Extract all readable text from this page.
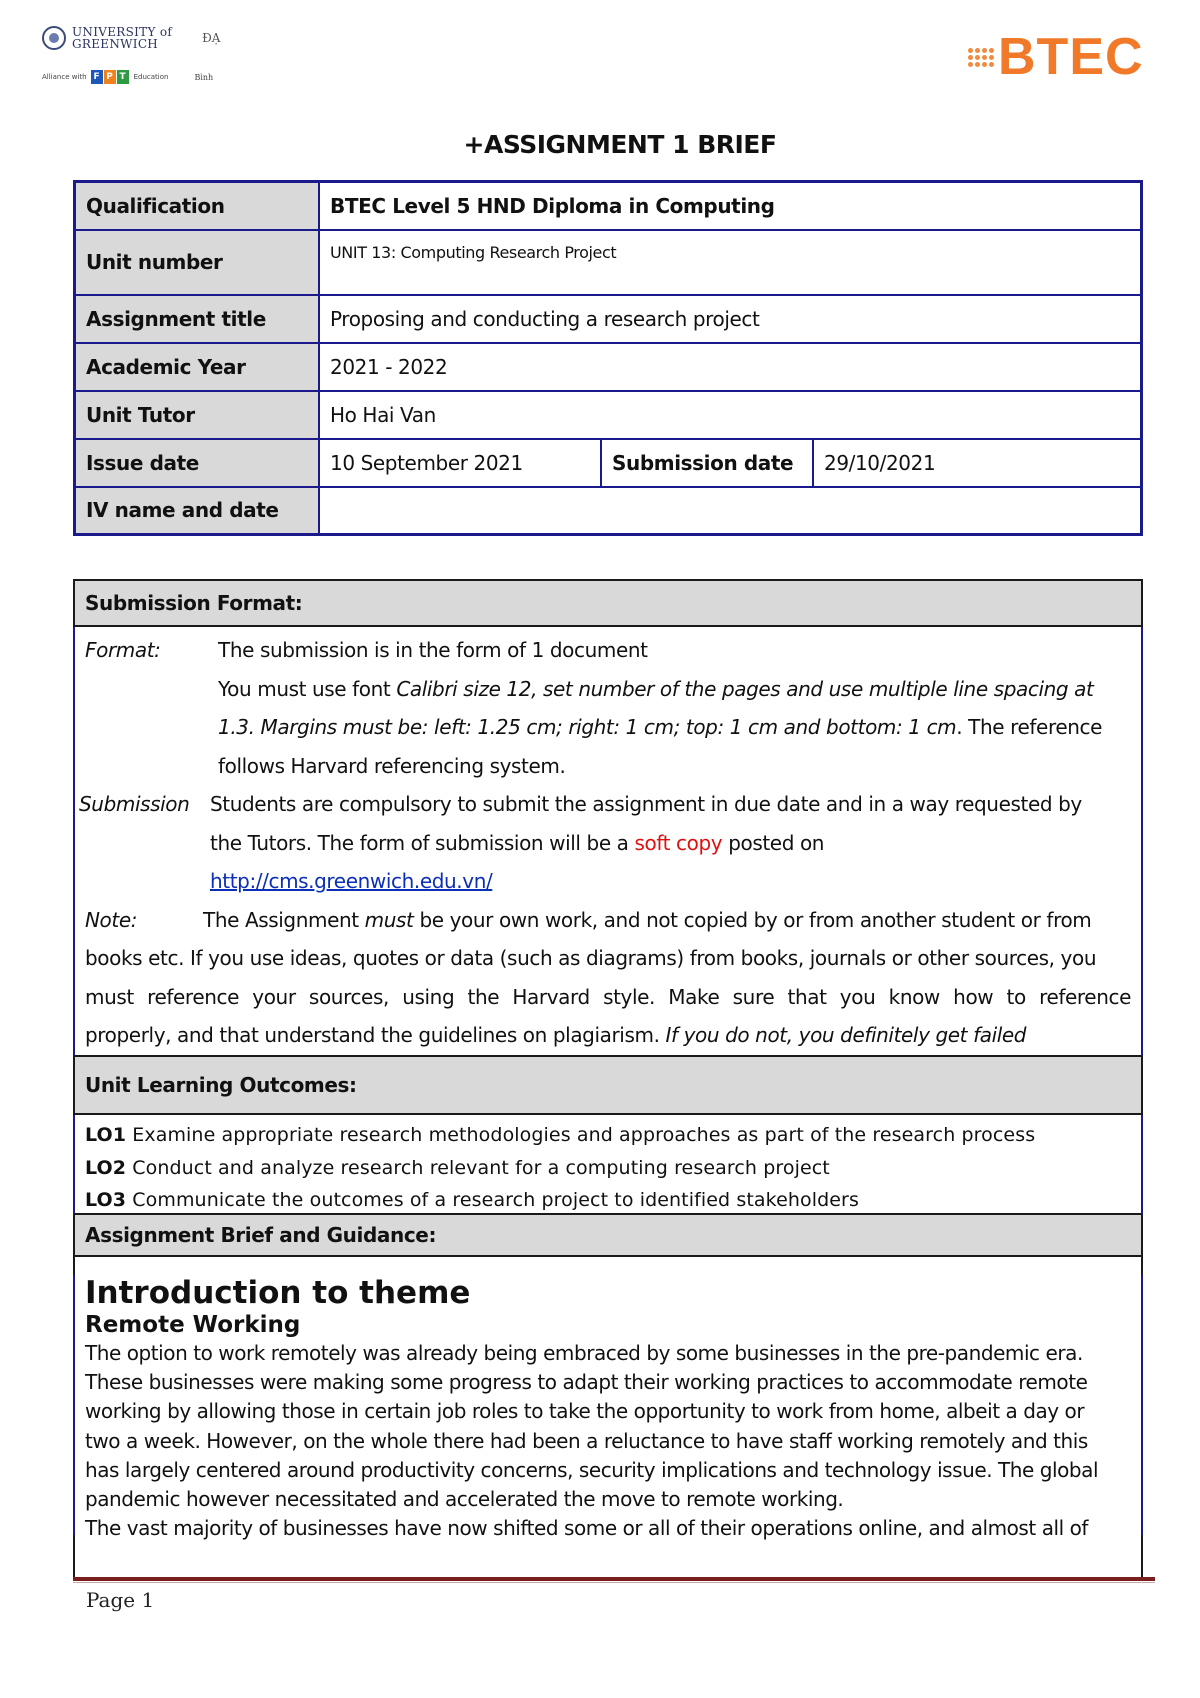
UNIVERSITY of
GREENWICH	ĐẠ
Alliance with F P T	Education	Bình	BTEC
+ASSIGNMENT 1 BRIEF
Qualification	BTEC Level 5 HND Diploma in Computing		
Unit number	UNIT 13: Computing Research Project		
Assignment title	Proposing and conducting a research project		
Academic Year	2021 - 2022		
Unit Tutor	Ho Hai Van		
Issue date	10 September 2021	Submission date	29/10/2021
IV name and date			
Submission Format:
Format:	The submission is in the form of 1 document
You must use font Calibri size 12, set number of the pages and use multiple line spacing at
1.3. Margins must be: left: 1.25 cm; right: 1 cm; top: 1 cm and bottom: 1 cm. The reference
follows Harvard referencing system.
Submission Students are compulsory to submit the assignment in due date and in a way requested by
the Tutors. The form of submission will be a soft copy posted on
http://cms.greenwich.edu.vn/
Note:	The Assignment must be your own work, and not copied by or from another student or from
books etc. If you use ideas, quotes or data (such as diagrams) from books, journals or other sources, you
must reference your sources, using the Harvard style. Make sure that you know how to reference
properly, and that understand the guidelines on plagiarism. If you do not, you definitely get failed
Unit Learning Outcomes:
LO1 Examine appropriate research methodologies and approaches as part of the research process
LO2 Conduct and analyze research relevant for a computing research project
LO3 Communicate the outcomes of a research project to identified stakeholders
Assignment Brief and Guidance:
Introduction to theme
Remote Working
The option to work remotely was already being embraced by some businesses in the pre-pandemic era.
These businesses were making some progress to adapt their working practices to accommodate remote
working by allowing those in certain job roles to take the opportunity to work from home, albeit a day or
two a week. However, on the whole there had been a reluctance to have staff working remotely and this
has largely centered around productivity concerns, security implications and technology issue. The global
pandemic however necessitated and accelerated the move to remote working.
The vast majority of businesses have now shifted some or all of their operations online, and almost all of
Page 1
